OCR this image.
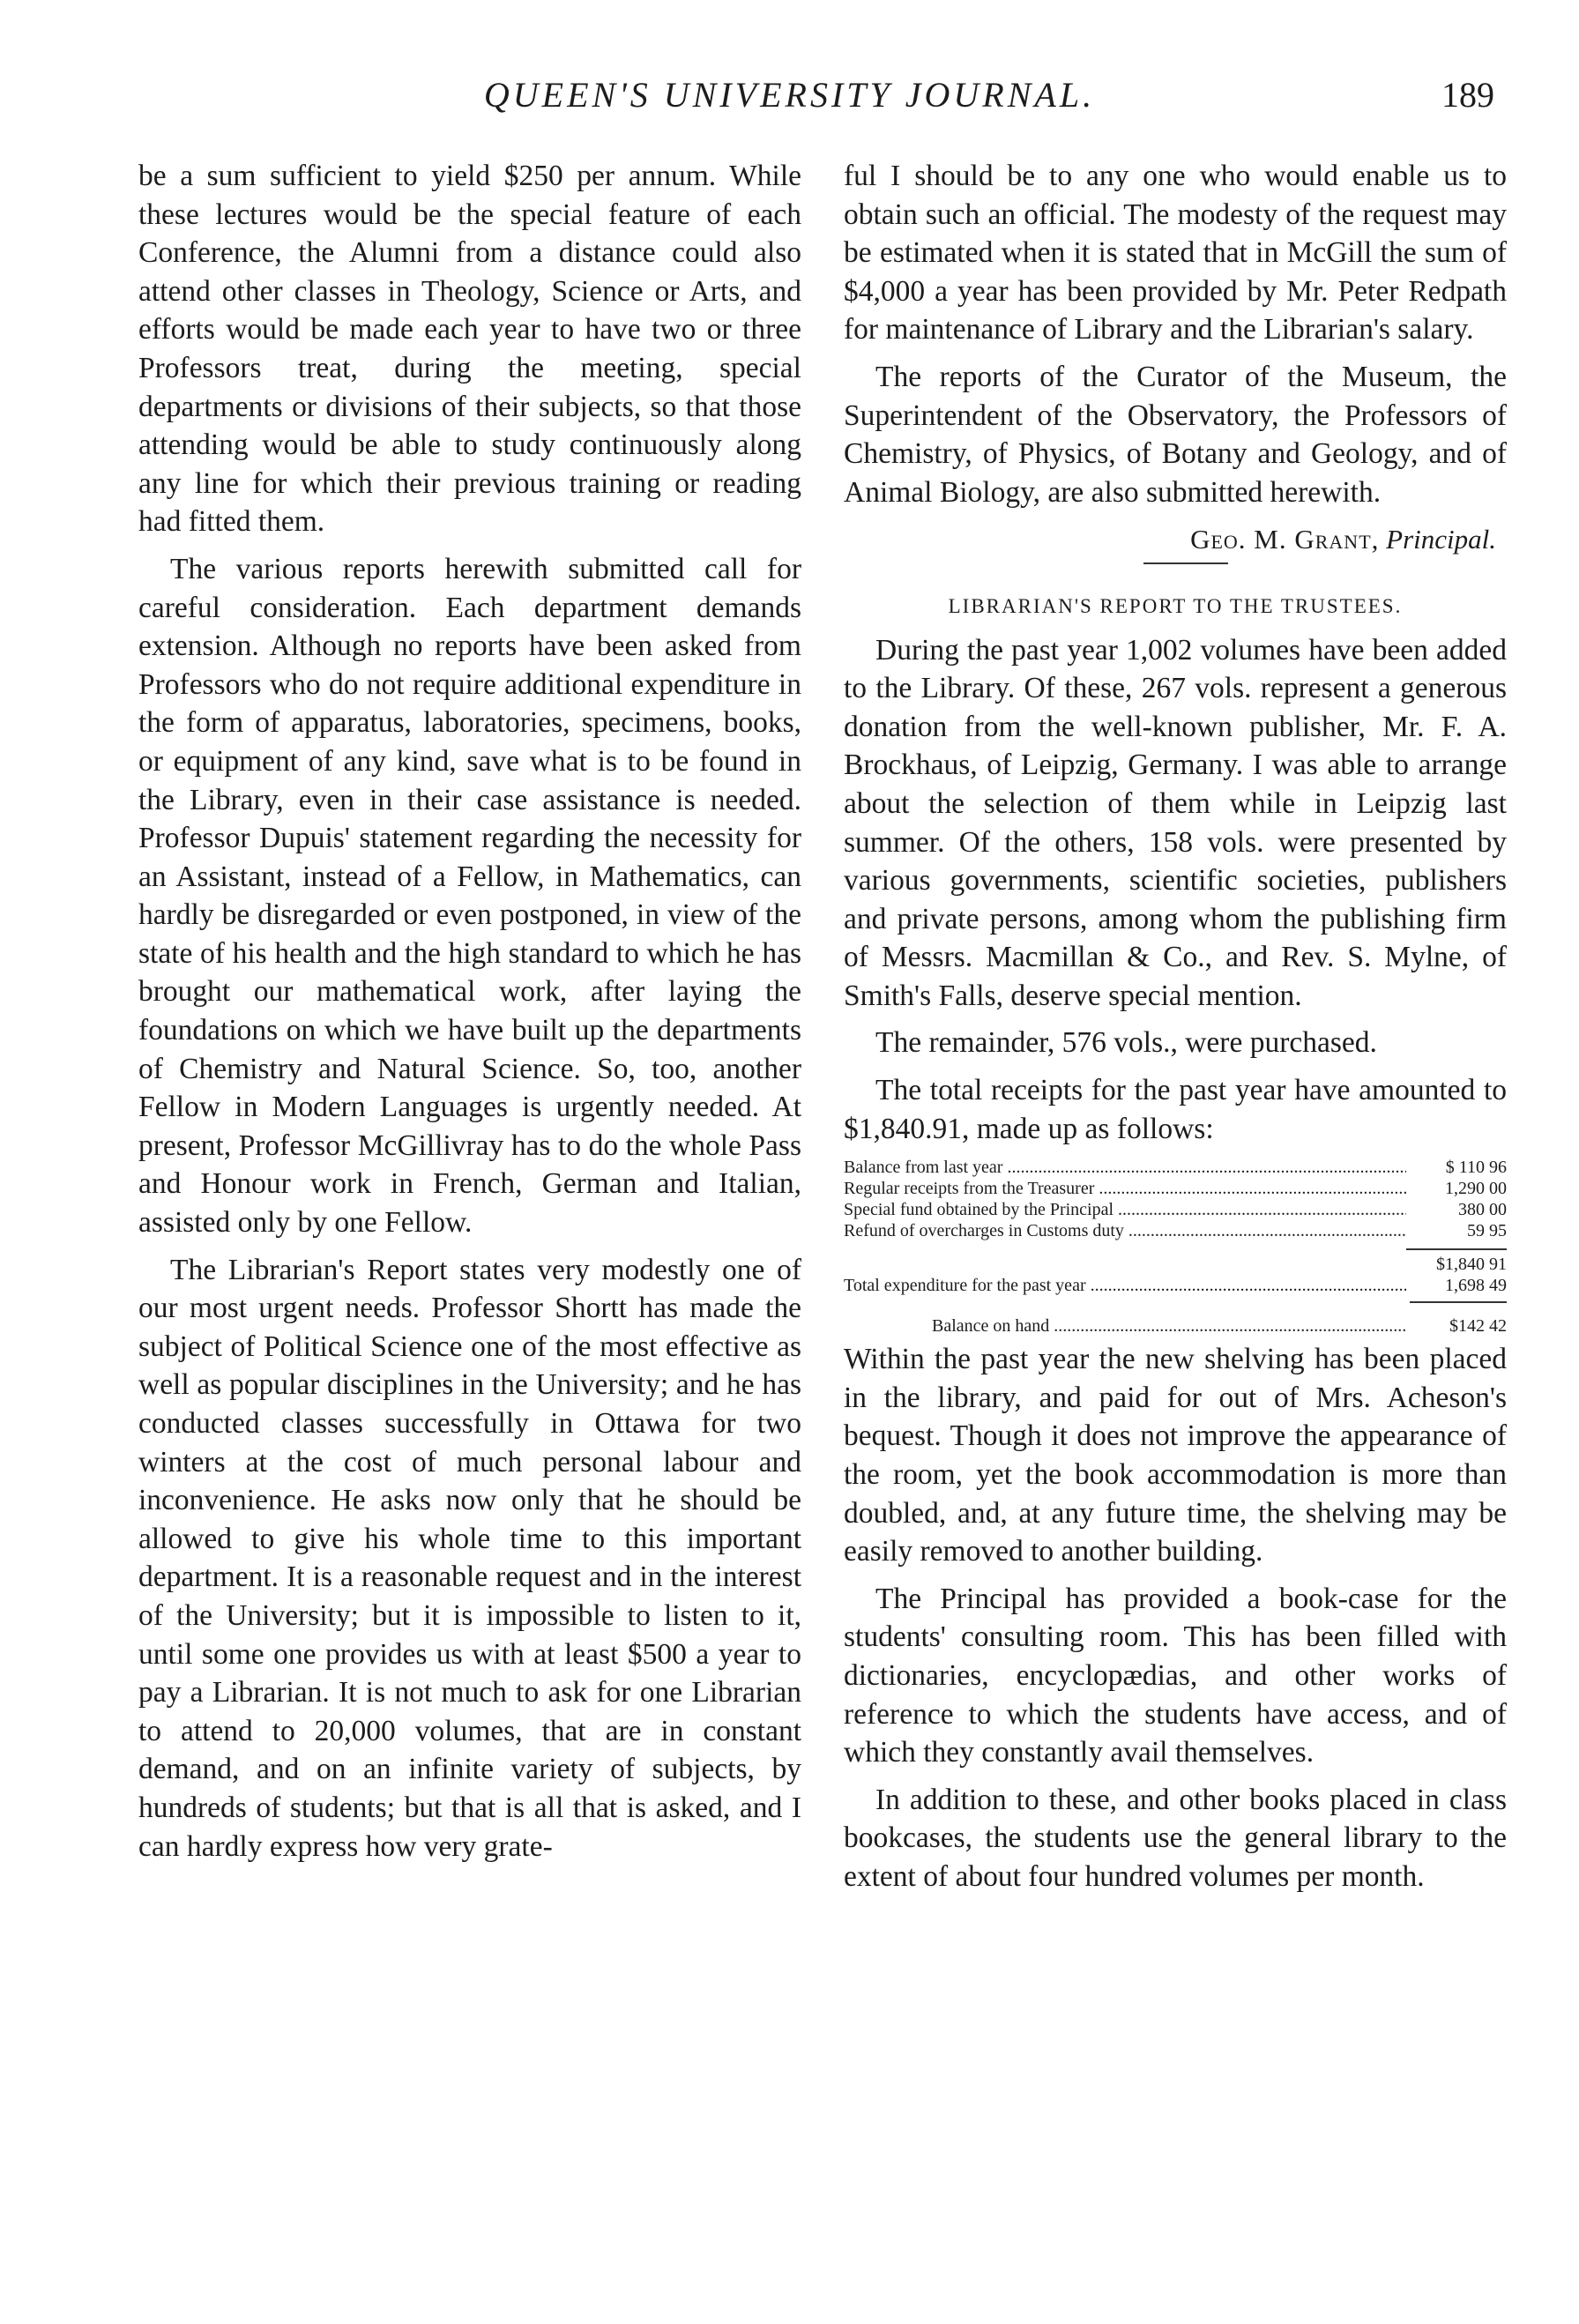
QUEEN'S UNIVERSITY JOURNAL.	189

be a sum sufficient to yield $250 per annum. While these lectures would be the special feature of each Conference, the Alumni from a distance could also attend other classes in Theology, Science or Arts, and efforts would be made each year to have two or three Professors treat, during the meeting, special departments or divisions of their subjects, so that those attending would be able to study continuously along any line for which their previous training or reading had fitted them.

The various reports herewith submitted call for careful consideration. Each department demands extension. Although no reports have been asked from Professors who do not require additional expenditure in the form of apparatus, laboratories, specimens, books, or equipment of any kind, save what is to be found in the Library, even in their case assistance is needed. Professor Dupuis' statement regarding the necessity for an Assistant, instead of a Fellow, in Mathematics, can hardly be disregarded or even postponed, in view of the state of his health and the high standard to which he has brought our mathematical work, after laying the foundations on which we have built up the departments of Chemistry and Natural Science. So, too, another Fellow in Modern Languages is urgently needed. At present, Professor McGillivray has to do the whole Pass and Honour work in French, German and Italian, assisted only by one Fellow.

The Librarian's Report states very modestly one of our most urgent needs. Professor Shortt has made the subject of Political Science one of the most effective as well as popular disciplines in the University; and he has conducted classes successfully in Ottawa for two winters at the cost of much personal labour and inconvenience. He asks now only that he should be allowed to give his whole time to this important department. It is a reasonable request and in the interest of the University; but it is impossible to listen to it, until some one provides us with at least $500 a year to pay a Librarian. It is not much to ask for one Librarian to attend to 20,000 volumes, that are in constant demand, and on an infinite variety of subjects, by hundreds of students; but that is all that is asked, and I can hardly express how very grate-

ful I should be to any one who would enable us to obtain such an official. The modesty of the request may be estimated when it is stated that in McGill the sum of $4,000 a year has been provided by Mr. Peter Redpath for maintenance of Library and the Librarian's salary.

The reports of the Curator of the Museum, the Superintendent of the Observatory, the Professors of Chemistry, of Physics, of Botany and Geology, and of Animal Biology, are also submitted herewith.

Geo. M. Grant, Principal.
LIBRARIAN'S REPORT TO THE TRUSTEES.

During the past year 1,002 volumes have been added to the Library. Of these, 267 vols. represent a generous donation from the well-known publisher, Mr. F. A. Brockhaus, of Leipzig, Germany. I was able to arrange about the selection of them while in Leipzig last summer. Of the others, 158 vols. were presented by various governments, scientific societies, publishers and private persons, among whom the publishing firm of Messrs. Macmillan & Co., and Rev. S. Mylne, of Smith's Falls, deserve special mention.

The remainder, 576 vols., were purchased.

The total receipts for the past year have amounted to $1,840.91, made up as follows:

Balance from last year .....	$ 110 96
Regular receipts from the Treasurer .....	1,290 00
Special fund obtained by the Principal .....	380 00
Refund of overcharges in Customs duty .....	59 95
$1,840 91
Total expenditure for the past year .....	1,698 49
Balance on hand .....	$142 42

Within the past year the new shelving has been placed in the library, and paid for out of Mrs. Acheson's bequest. Though it does not improve the appearance of the room, yet the book accommodation is more than doubled, and, at any future time, the shelving may be easily removed to another building.

The Principal has provided a book-case for the students' consulting room. This has been filled with dictionaries, encyclopædias, and other works of reference to which the students have access, and of which they constantly avail themselves.

In addition to these, and other books placed in class bookcases, the students use the general library to the extent of about four hundred volumes per month.
